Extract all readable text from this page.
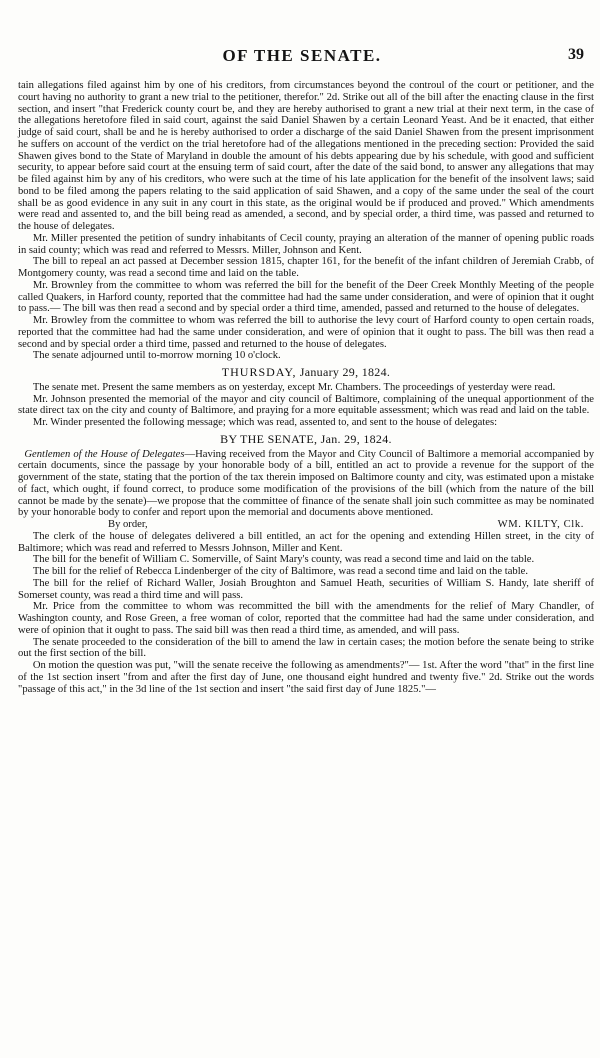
OF THE SENATE.	39

tain allegations filed against him by one of his creditors, from circumstances beyond the controul of the court or petitioner, and the court having no authority to grant a new trial to the petitioner, therefor." 2d. Strike out all of the bill after the enacting clause in the first section, and insert "that Frederick county court be, and they are hereby authorised to grant a new trial at their next term, in the case of the allegations heretofore filed in said court, against the said Daniel Shawen by a certain Leonard Yeast. And be it enacted, that either judge of said court, shall be and he is hereby authorised to order a discharge of the said Daniel Shawen from the present imprisonment he suffers on account of the verdict on the trial heretofore had of the allegations mentioned in the preceding section: Provided the said Shawen gives bond to the State of Maryland in double the amount of his debts appearing due by his schedule, with good and sufficient security, to appear before said court at the ensuing term of said court, after the date of the said bond, to answer any allegations that may be filed against him by any of his creditors, who were such at the time of his late application for the benefit of the insolvent laws; said bond to be filed among the papers relating to the said application of said Shawen, and a copy of the same under the seal of the court shall be as good evidence in any suit in any court in this state, as the original would be if produced and proved." Which amendments were read and assented to, and the bill being read as amended, a second, and by special order, a third time, was passed and returned to the house of delegates.

Mr. Miller presented the petition of sundry inhabitants of Cecil county, praying an alteration of the manner of opening public roads in said county; which was read and referred to Messrs. Miller, Johnson and Kent.

The bill to repeal an act passed at December session 1815, chapter 161, for the benefit of the infant children of Jeremiah Crabb, of Montgomery county, was read a second time and laid on the table.

Mr. Brownley from the committee to whom was referred the bill for the benefit of the Deer Creek Monthly Meeting of the people called Quakers, in Harford county, reported that the committee had had the same under consideration, and were of opinion that it ought to pass.— The bill was then read a second and by special order a third time, amended, passed and returned to the house of delegates.

Mr. Browley from the committee to whom was referred the bill to authorise the levy court of Harford county to open certain roads, reported that the committee had had the same under consideration, and were of opinion that it ought to pass. The bill was then read a second and by special order a third time, passed and returned to the house of delegates.

The senate adjourned until to-morrow morning 10 o'clock.

THURSDAY, January 29, 1824.

The senate met. Present the same members as on yesterday, except Mr. Chambers. The proceedings of yesterday were read.

Mr. Johnson presented the memorial of the mayor and city council of Baltimore, complaining of the unequal apportionment of the state direct tax on the city and county of Baltimore, and praying for a more equitable assessment; which was read and laid on the table.

Mr. Winder presented the following message; which was read, assented to, and sent to the house of delegates:

BY THE SENATE, Jan. 29, 1824.

Gentlemen of the House of Delegates—Having received from the Mayor and City Council of Baltimore a memorial accompanied by certain documents, since the passage by your honorable body of a bill, entitled an act to provide a revenue for the support of the government of the state, stating that the portion of the tax therein imposed on Baltimore county and city, was estimated upon a mistake of fact, which ought, if found correct, to produce some modification of the provisions of the bill (which from the nature of the bill cannot be made by the senate)—we propose that the committee of finance of the senate shall join such committee as may be nominated by your honorable body to confer and report upon the memorial and documents above mentioned.

By order,	WM. KILTY, Clk.

The clerk of the house of delegates delivered a bill entitled, an act for the opening and extending Hillen street, in the city of Baltimore; which was read and referred to Messrs Johnson, Miller and Kent.

The bill for the benefit of William C. Somerville, of Saint Mary's county, was read a second time and laid on the table.

The bill for the relief of Rebecca Lindenberger of the city of Baltimore, was read a second time and laid on the table.

The bill for the relief of Richard Waller, Josiah Broughton and Samuel Heath, securities of William S. Handy, late sheriff of Somerset county, was read a third time and will pass.

Mr. Price from the committee to whom was recommitted the bill with the amendments for the relief of Mary Chandler, of Washington county, and Rose Green, a free woman of color, reported that the committee had had the same under consideration, and were of opinion that it ought to pass. The said bill was then read a third time, as amended, and will pass.

The senate proceeded to the consideration of the bill to amend the law in certain cases; the motion before the senate being to strike out the first section of the bill.

On motion the question was put, "will the senate receive the following as amendments?"— 1st. After the word "that" in the first line of the 1st section insert "from and after the first day of June, one thousand eight hundred and twenty five." 2d. Strike out the words "passage of this act," in the 3d line of the 1st section and insert "the said first day of June 1825."—
